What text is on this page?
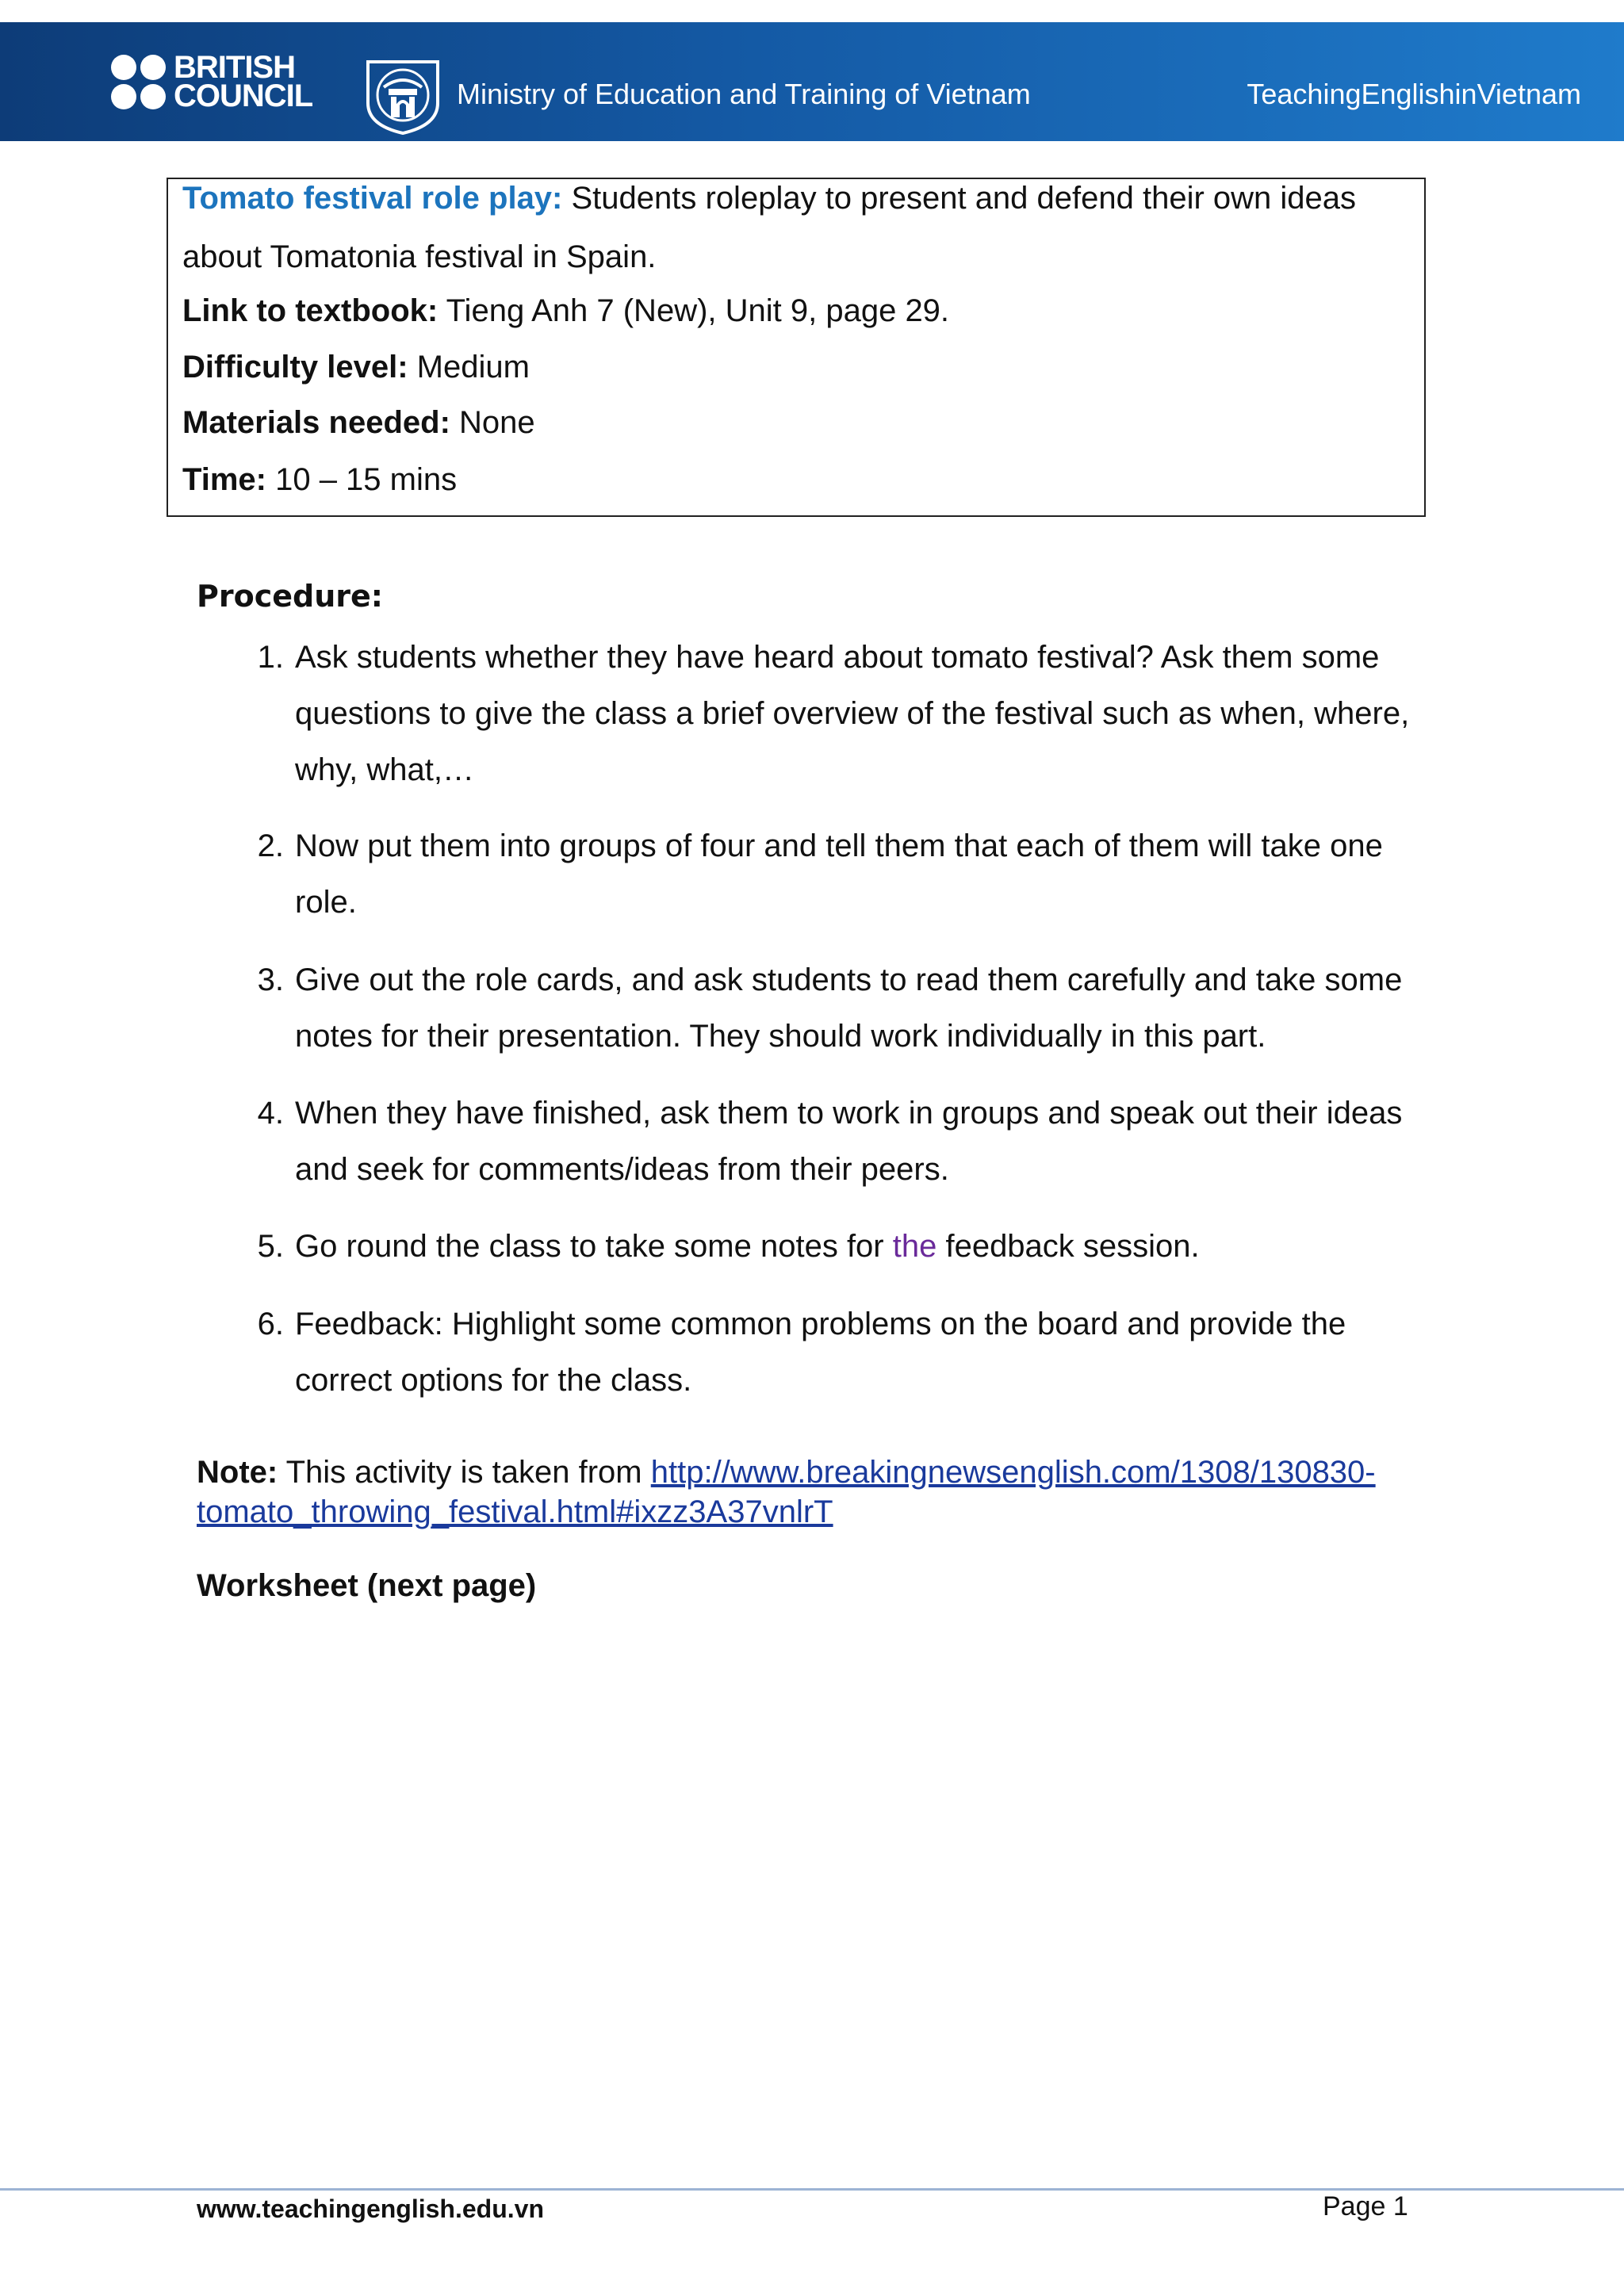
BRITISH
COUNCIL	Ministry of Education and Training of Vietnam	TeachingEnglishinVietnam
Tomato festival role play: Students roleplay to present and defend their own ideas
about Tomatonia festival in Spain.
Link to textbook: Tieng Anh 7 (New), Unit 9, page 29.
Difficulty level: Medium
Materials needed: None
Time: 10 – 15 mins
Procedure:
1. Ask students whether they have heard about tomato festival? Ask them some questions to give the class a brief overview of the festival such as when, where, why, what,…
2. Now put them into groups of four and tell them that each of them will take one role.
3. Give out the role cards, and ask students to read them carefully and take some notes for their presentation. They should work individually in this part.
4. When they have finished, ask them to work in groups and speak out their ideas and seek for comments/ideas from their peers.
5. Go round the class to take some notes for the feedback session.
6. Feedback: Highlight some common problems on the board and provide the correct options for the class.
Note: This activity is taken from http://www.breakingnewsenglish.com/1308/130830-
tomato_throwing_festival.html#ixzz3A37vnlrT
Worksheet (next page)
www.teachingenglish.edu.vn	Page 1
